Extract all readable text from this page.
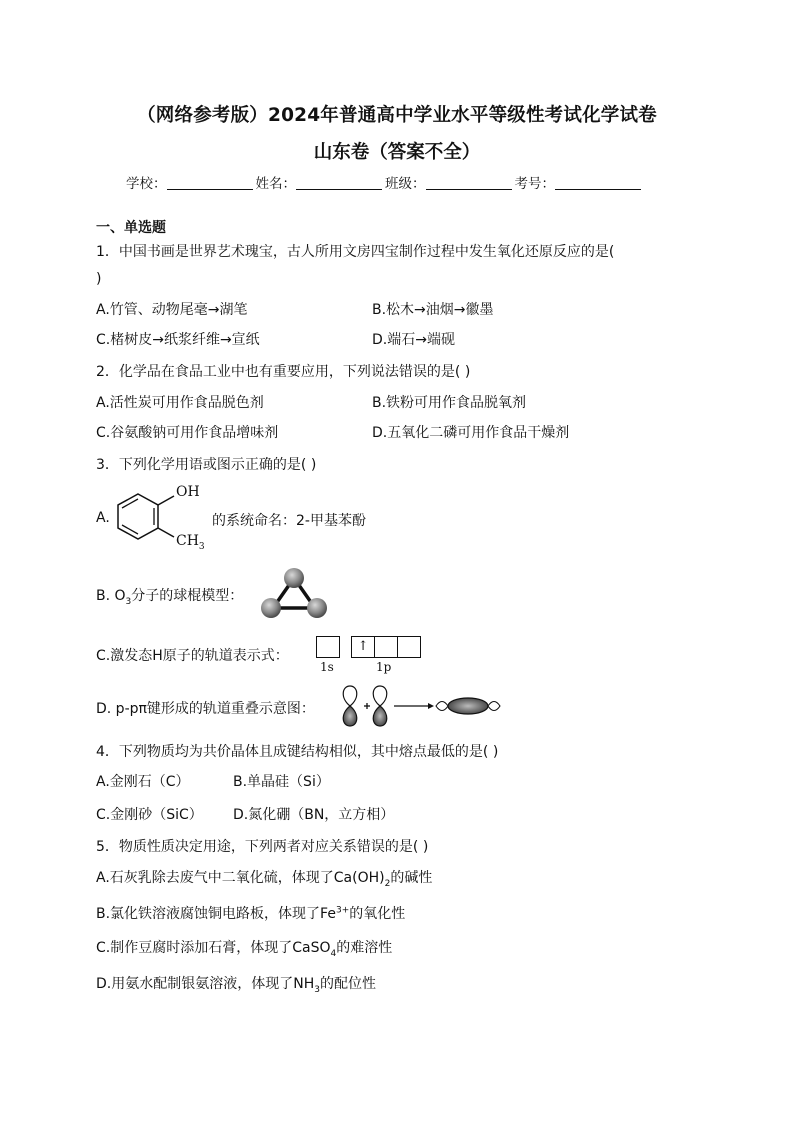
（网络参考版）2024年普通高中学业水平等级性考试化学试卷
山东卷（答案不全）
学校：	姓名：	班级：	考号：
一、单选题
1．中国书画是世界艺术瑰宝，古人所用文房四宝制作过程中发生氧化还原反应的是(
)
A.竹管、动物尾毫→湖笔	B.松木→油烟→徽墨
C.楮树皮→纸浆纤维→宣纸	D.端石→端砚
2．化学品在食品工业中也有重要应用，下列说法错误的是( )
A.活性炭可用作食品脱色剂	B.铁粉可用作食品脱氧剂
C.谷氨酸钠可用作食品增味剂	D.五氧化二磷可用作食品干燥剂
3．下列化学用语或图示正确的是( )
A.
OH
$CH_3$
的系统命名：2-甲基苯酚
B. $O_3$分子的球棍模型：
C.激发态H原子的轨道表示式：
↑
1s	1p
D. p-pπ键形成的轨道重叠示意图：
4．下列物质均为共价晶体且成键结构相似，其中熔点最低的是( )
A.金刚石（C）	B.单晶硅（Si）
C.金刚砂（SiC） D.氮化硼（BN，立方相）
5．物质性质决定用途，下列两者对应关系错误的是( )
A.石灰乳除去废气中二氧化硫，体现了$Ca(OH)_2$的碱性
B.氯化铁溶液腐蚀铜电路板，体现了$Fe^{3+}$的氧化性
C.制作豆腐时添加石膏，体现了CaSO$_4$的难溶性
D.用氨水配制银氨溶液，体现了$NH_3$的配位性
